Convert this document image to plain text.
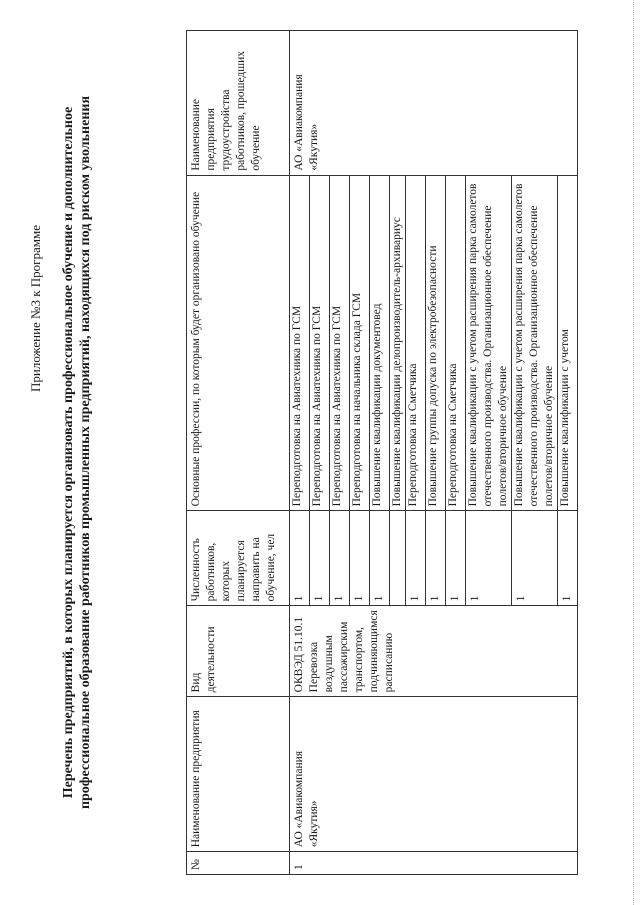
Приложение №3 к Программе Перечень предприятий, в которых планируется организовать профессиональное обучение и дополнительное профессиональное образование работников промышленных предприятий, находящихся под риском увольнения
№	Наименование предприятия	Вид деятельности	Численность работников, которых планируется направить на обучение, чел	Основные профессии, по которым будет организовано обучение	Наименование предприятия трудоустройства работников, прошедших обучение
1	АО «Авиакомпания «Якутия»	ОКВЭД 51.10.1 Перевозка воздушным пассажирским транспортом, подчиняющимся расписанию	1	Переподготовка на Авиатехника по ГСМ	АО «Авиакомпания «Якутия»
			1	Переподготовка на Авиатехника по ГСМ	
			1	Переподготовка на Авиатехника по ГСМ	
			1	Переподготовка на начальника склада ГСМ	
			1	Повышение квалификации документовед	
				Повышение квалификации делопроизводитель-архивариус	
			1	Переподготовка на Сметчика	
			1	Повышение группы допуска по электробезопасности	
			1	Переподготовка на Сметчика	
			1	Повышение квалификации с учетом расширения парка самолетов отечественного производства. Организационное обеспечение полетов/вторичное обучение	
			1	Повышение квалификации с учетом расширения парка самолетов отечественного производства. Организационное обеспечение полетов/вторичное обучение	
			1	Повышение квалификации с учетом	
